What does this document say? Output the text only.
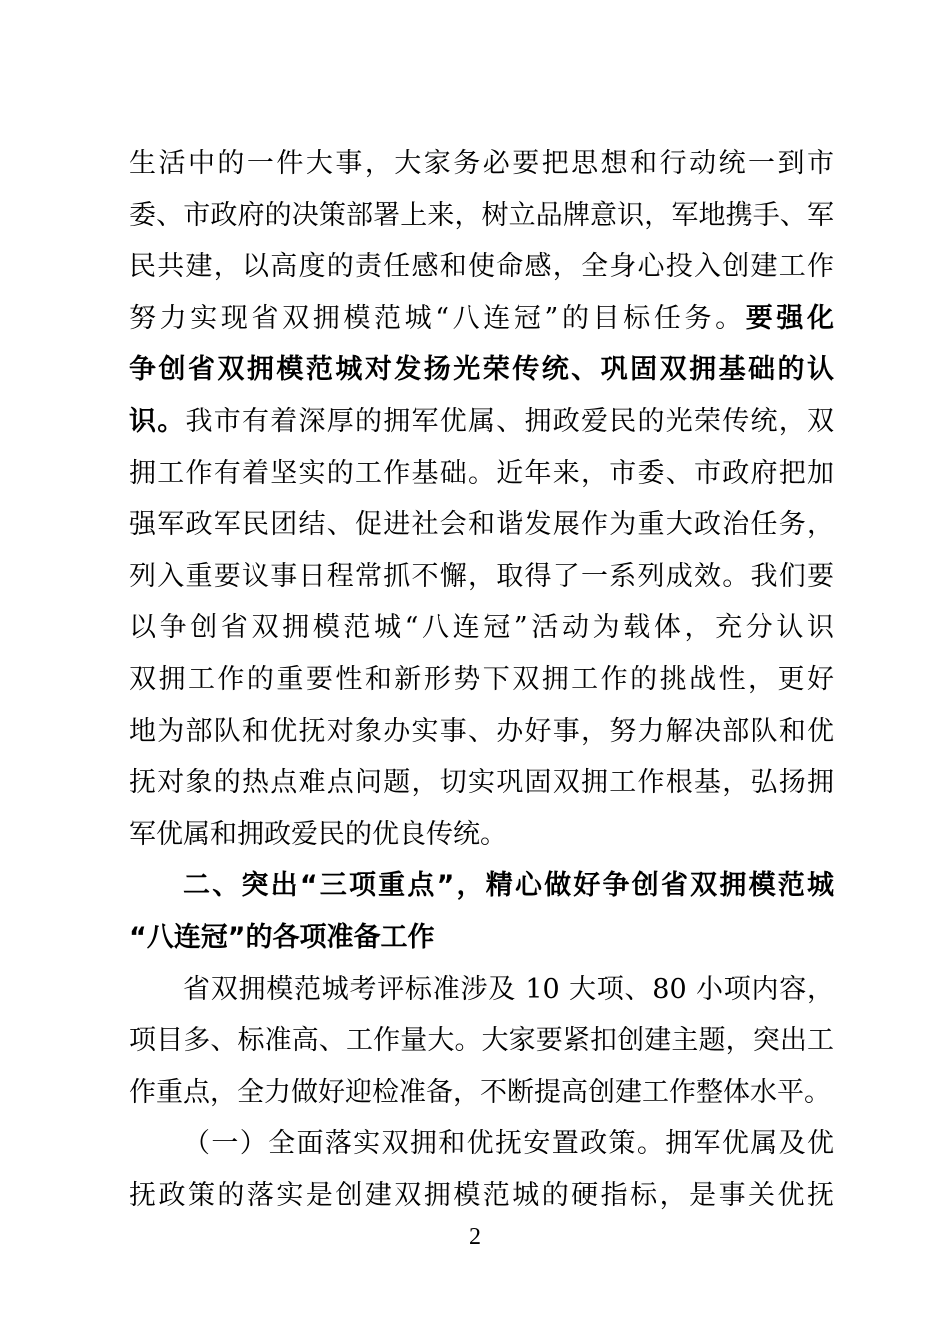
生活中的一件大事，大家务必要把思想和行动统一到市
委、市政府的决策部署上来，树立品牌意识，军地携手、军
民共建，以高度的责任感和使命感，全身心投入创建工作
努力实现省双拥模范城“八连冠”的目标任务。要强化
争创省双拥模范城对发扬光荣传统、巩固双拥基础的认
识。我市有着深厚的拥军优属、拥政爱民的光荣传统，双
拥工作有着坚实的工作基础。近年来，市委、市政府把加
强军政军民团结、促进社会和谐发展作为重大政治任务，
列入重要议事日程常抓不懈，取得了一系列成效。我们要
以争创省双拥模范城“八连冠”活动为载体，充分认识
双拥工作的重要性和新形势下双拥工作的挑战性，更好
地为部队和优抚对象办实事、办好事，努力解决部队和优
抚对象的热点难点问题，切实巩固双拥工作根基，弘扬拥
军优属和拥政爱民的优良传统。
二、突出“三项重点”，精心做好争创省双拥模范城
“八连冠”的各项准备工作
省双拥模范城考评标准涉及 10 大项、80 小项内容，
项目多、标准高、工作量大。大家要紧扣创建主题，突出工
作重点，全力做好迎检准备，不断提高创建工作整体水平。
（一）全面落实双拥和优抚安置政策。拥军优属及优
抚政策的落实是创建双拥模范城的硬指标，是事关优抚
2
